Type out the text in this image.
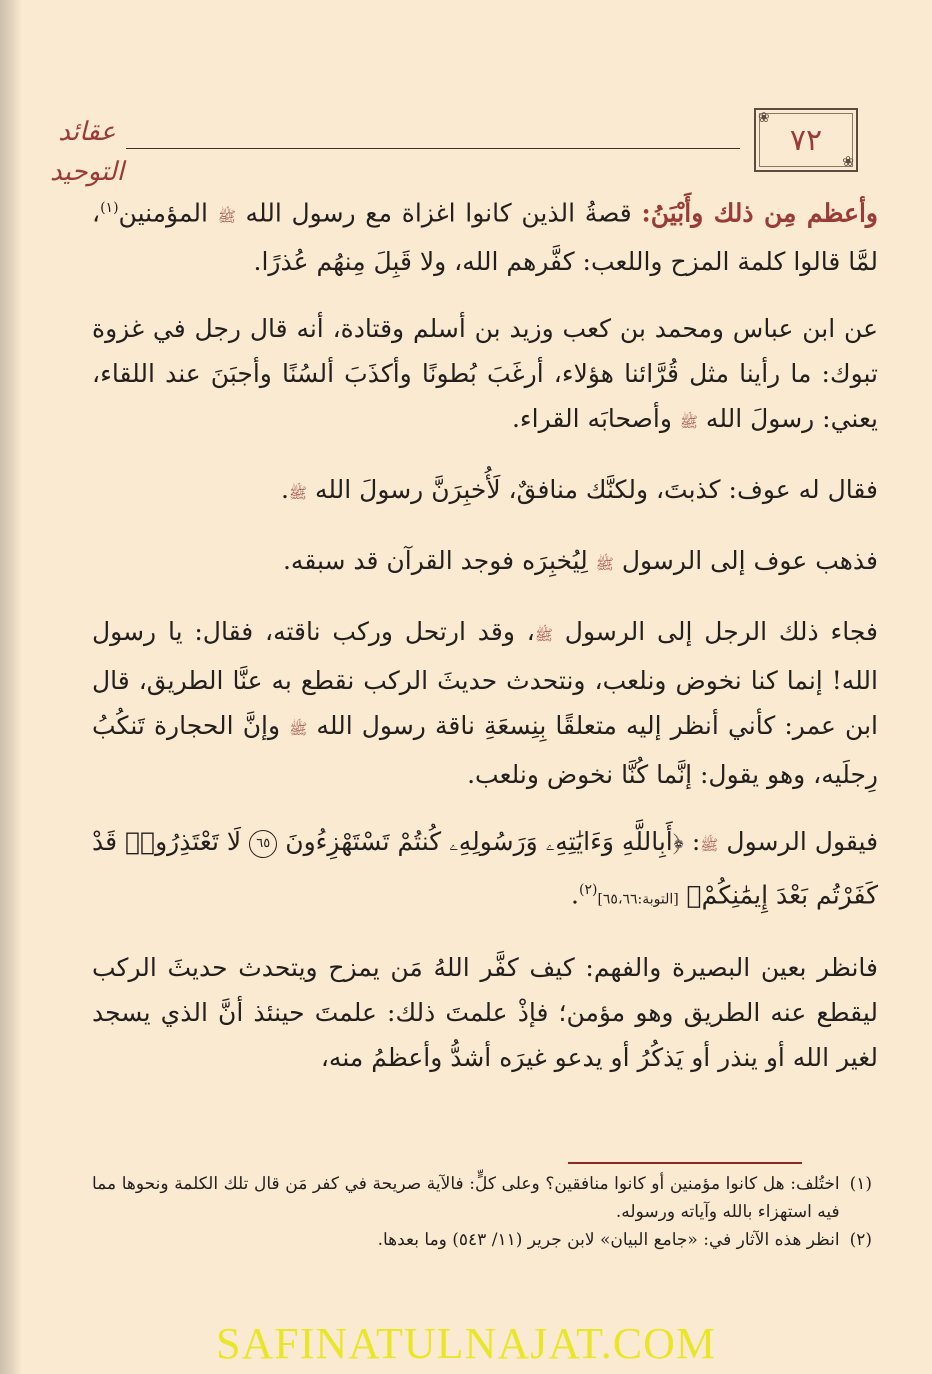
عقائد التوحيد
❀ ٧٢
❀

وأعظم مِن ذلك وأَبْيَنُ: قصةُ الذين كانوا اغزاة مع رسول الله ﷺ المؤمنين$^{(١)}$، لمَّا قالوا كلمة المزح واللعب: كفَّرهم الله، ولا قَبِلَ مِنهُم عُذرًا.

عن ابن عباس ومحمد بن كعب وزيد بن أسلم وقتادة، أنه قال رجل في غزوة تبوك: ما رأينا مثل قُرَّائنا هؤلاء، أرغَبَ بُطونًا وأكذَبَ ألسُنًا وأجبَنَ عند اللقاء، يعني: رسولَ الله ﷺ وأصحابَه القراء.

فقال له عوف: كذبتَ، ولكنَّك منافقٌ، لَأُخبِرَنَّ رسولَ الله ﷺ.

فذهب عوف إلى الرسول ﷺ لِيُخبِرَه فوجد القرآن قد سبقه.

فجاء ذلك الرجل إلى الرسول ﷺ، وقد ارتحل وركب ناقته، فقال: يا رسول الله! إنما كنا نخوض ونلعب، ونتحدث حديثَ الركب نقطع به عنَّا الطريق، قال ابن عمر: كأني أنظر إليه متعلقًا بِنِسعَةِ ناقة رسول الله ﷺ وإنَّ الحجارة تَنكُبُ رِجلَيه، وهو يقول: إنَّما كُنَّا نخوض ونلعب.

فيقول الرسول ﷺ: ﴿أَبِاللَّهِ وَءَايَٰتِهِۦ وَرَسُولِهِۦ كُنتُمْ تَسْتَهْزِءُونَ ٦٥ لَا تَعْتَذِرُوا۟ قَدْ كَفَرْتُم بَعْدَ إِيمَٰنِكُمْ﴾ [التوبة:٦٥،٦٦]$^{(٢)}$.

فانظر بعين البصيرة والفهم: كيف كفَّر اللهُ مَن يمزح ويتحدث حديثَ الركب ليقطع عنه الطريق وهو مؤمن؛ فإذْ علمتَ ذلك: علمتَ حينئذ أنَّ الذي يسجد لغير الله أو ينذر أو يَذكُرُ أو يدعو غيرَه أشدُّ وأعظمُ منه،

(١)
اختُلف: هل كانوا مؤمنين أو كانوا منافقين؟ وعلى كلٍّ: فالآية صريحة في كفر مَن قال تلك الكلمة ونحوها مما فيه استهزاء بالله وآياته ورسوله.
(٢)
انظر هذه الآثار في: «جامع البيان» لابن جرير (١١/ ٥٤٣) وما بعدها.
SAFINATULNAJAT.COM
